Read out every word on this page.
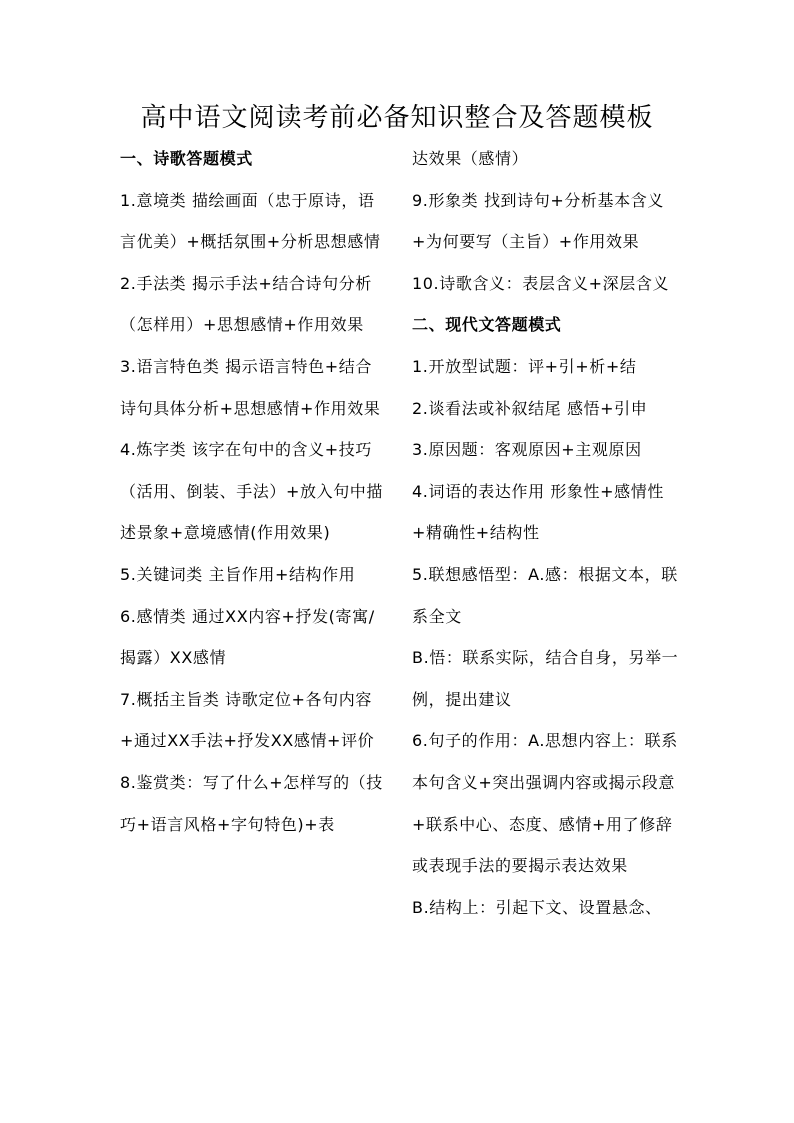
高中语文阅读考前必备知识整合及答题模板

一、诗歌答题模式

1.意境类 描绘画面（忠于原诗，语言优美）+概括氛围+分析思想感情

2.手法类 揭示手法+结合诗句分析（怎样用）+思想感情+作用效果

3.语言特色类 揭示语言特色+结合诗句具体分析+思想感情+作用效果

4.炼字类 该字在句中的含义+技巧（活用、倒装、手法）+放入句中描述景象+意境感情(作用效果)

5.关键词类 主旨作用+结构作用

6.感情类 通过XX内容+抒发(寄寓/揭露）XX感情

7.概括主旨类 诗歌定位+各句内容+通过XX手法+抒发XX感情+评价

8.鉴赏类：写了什么+怎样写的（技巧+语言风格+字句特色)+表

达效果（感情）

9.形象类 找到诗句+分析基本含义+为何要写（主旨）+作用效果

10.诗歌含义：表层含义+深层含义

二、现代文答题模式

1.开放型试题：评+引+析+结

2.谈看法或补叙结尾 感悟+引申

3.原因题：客观原因+主观原因

4.词语的表达作用 形象性+感情性+精确性+结构性

5.联想感悟型：A.感：根据文本，联系全文

B.悟：联系实际，结合自身，另举一例，提出建议

6.句子的作用：A.思想内容上：联系本句含义+突出强调内容或揭示段意+联系中心、态度、感情+用了修辞或表现手法的要揭示表达效果

B.结构上：引起下文、设置悬念、
